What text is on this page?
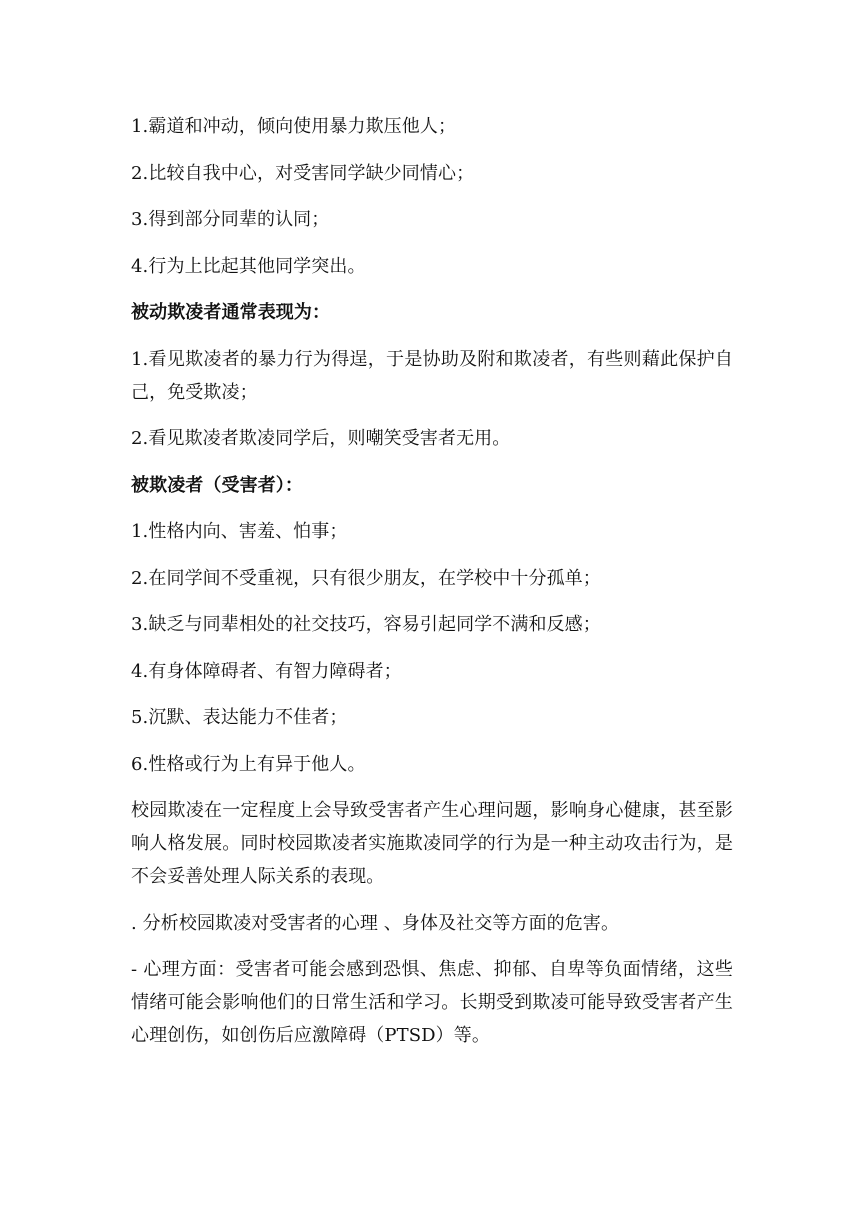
1.霸道和冲动，倾向使用暴力欺压他人；

2.比较自我中心，对受害同学缺少同情心；

3.得到部分同辈的认同；

4.行为上比起其他同学突出。

被动欺凌者通常表现为：

1.看见欺凌者的暴力行为得逞，于是协助及附和欺凌者，有些则藉此保护自己，免受欺凌；

2.看见欺凌者欺凌同学后，则嘲笑受害者无用。

被欺凌者（受害者）：

1.性格内向、害羞、怕事；

2.在同学间不受重视，只有很少朋友，在学校中十分孤单；

3.缺乏与同辈相处的社交技巧，容易引起同学不满和反感；

4.有身体障碍者、有智力障碍者；

5.沉默、表达能力不佳者；

6.性格或行为上有异于他人。

校园欺凌在一定程度上会导致受害者产生心理问题，影响身心健康，甚至影响人格发展。同时校园欺凌者实施欺凌同学的行为是一种主动攻击行为，是不会妥善处理人际关系的表现。

. 分析校园欺凌对受害者的心理 、身体及社交等方面的危害。

- 心理方面：受害者可能会感到恐惧、焦虑、抑郁、自卑等负面情绪，这些情绪可能会影响他们的日常生活和学习。长期受到欺凌可能导致受害者产生心理创伤，如创伤后应激障碍（PTSD）等。
